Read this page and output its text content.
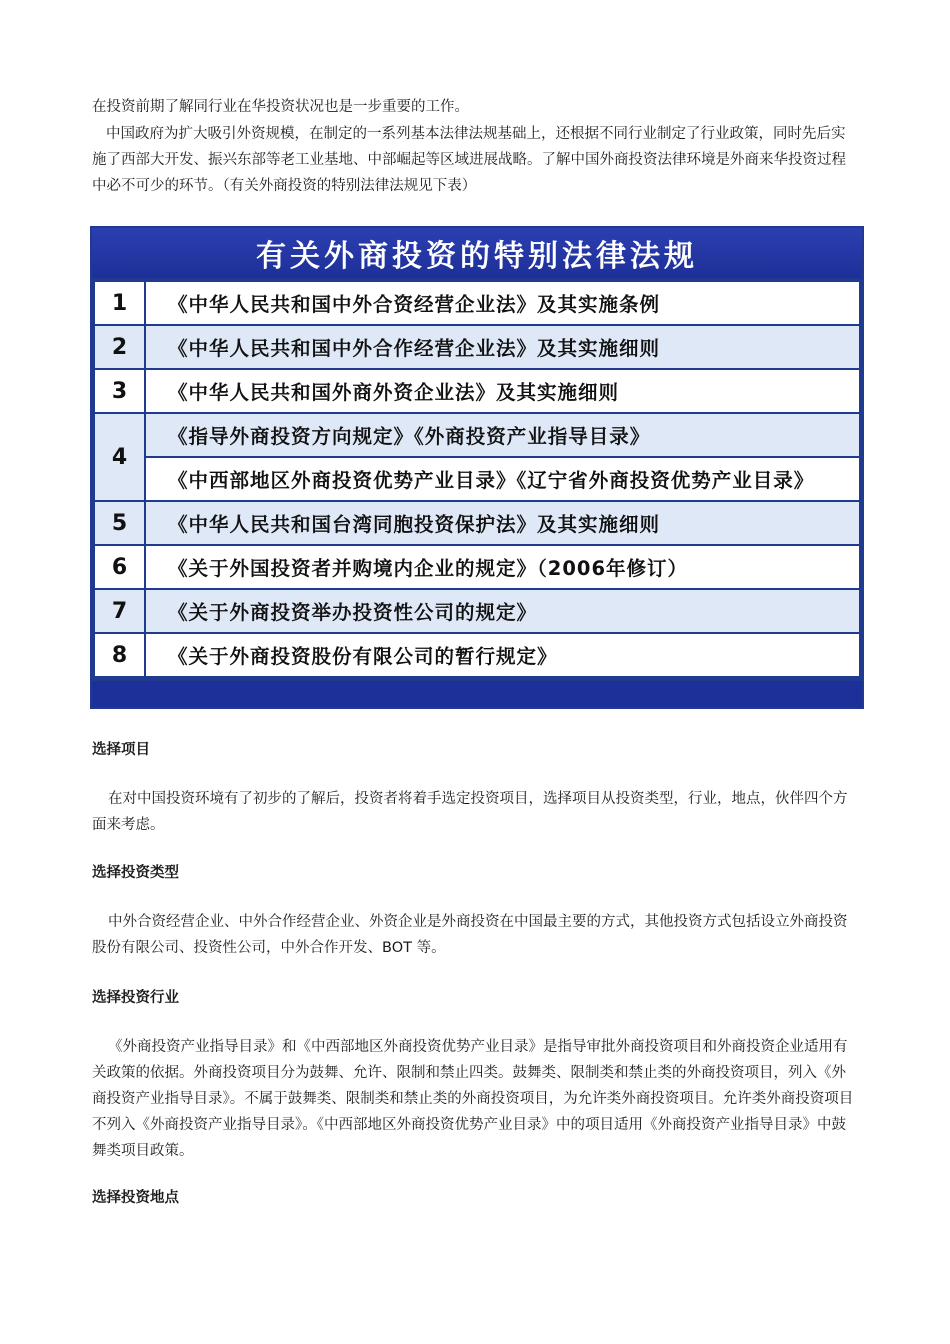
在投资前期了解同行业在华投资状况也是一步重要的工作。

中国政府为扩大吸引外资规模，在制定的一系列基本法律法规基础上，还根据不同行业制定了行业政策，同时先后实施了西部大开发、振兴东部等老工业基地、中部崛起等区域进展战略。了解中国外商投资法律环境是外商来华投资过程中必不可少的环节。（有关外商投资的特别法律法规见下表）

选择项目

在对中国投资环境有了初步的了解后，投资者将着手选定投资项目，选择项目从投资类型，行业，地点，伙伴四个方面来考虑。

选择投资类型

中外合资经营企业、中外合作经营企业、外资企业是外商投资在中国最主要的方式，其他投资方式包括设立外商投资股份有限公司、投资性公司，中外合作开发、BOT 等。

选择投资行业

《外商投资产业指导目录》和《中西部地区外商投资优势产业目录》是指导审批外商投资项目和外商投资企业适用有关政策的依据。外商投资项目分为鼓舞、允许、限制和禁止四类。鼓舞类、限制类和禁止类的外商投资项目，列入《外商投资产业指导目录》。不属于鼓舞类、限制类和禁止类的外商投资项目，为允许类外商投资项目。允许类外商投资项目不列入《外商投资产业指导目录》。《中西部地区外商投资优势产业目录》中的项目适用《外商投资产业指导目录》中鼓舞类项目政策。

选择投资地点
有关外商投资的特别法律法规
1	《中华人民共和国中外合资经营企业法》及其实施条例
2	《中华人民共和国中外合作经营企业法》及其实施细则
3	《中华人民共和国外商外资企业法》及其实施细则
4
《指导外商投资方向规定》《外商投资产业指导目录》
《中西部地区外商投资优势产业目录》《辽宁省外商投资优势产业目录》
5	《中华人民共和国台湾同胞投资保护法》及其实施细则
6	《关于外国投资者并购境内企业的规定》（2006年修订）
7	《关于外商投资举办投资性公司的规定》
8	《关于外商投资股份有限公司的暂行规定》
